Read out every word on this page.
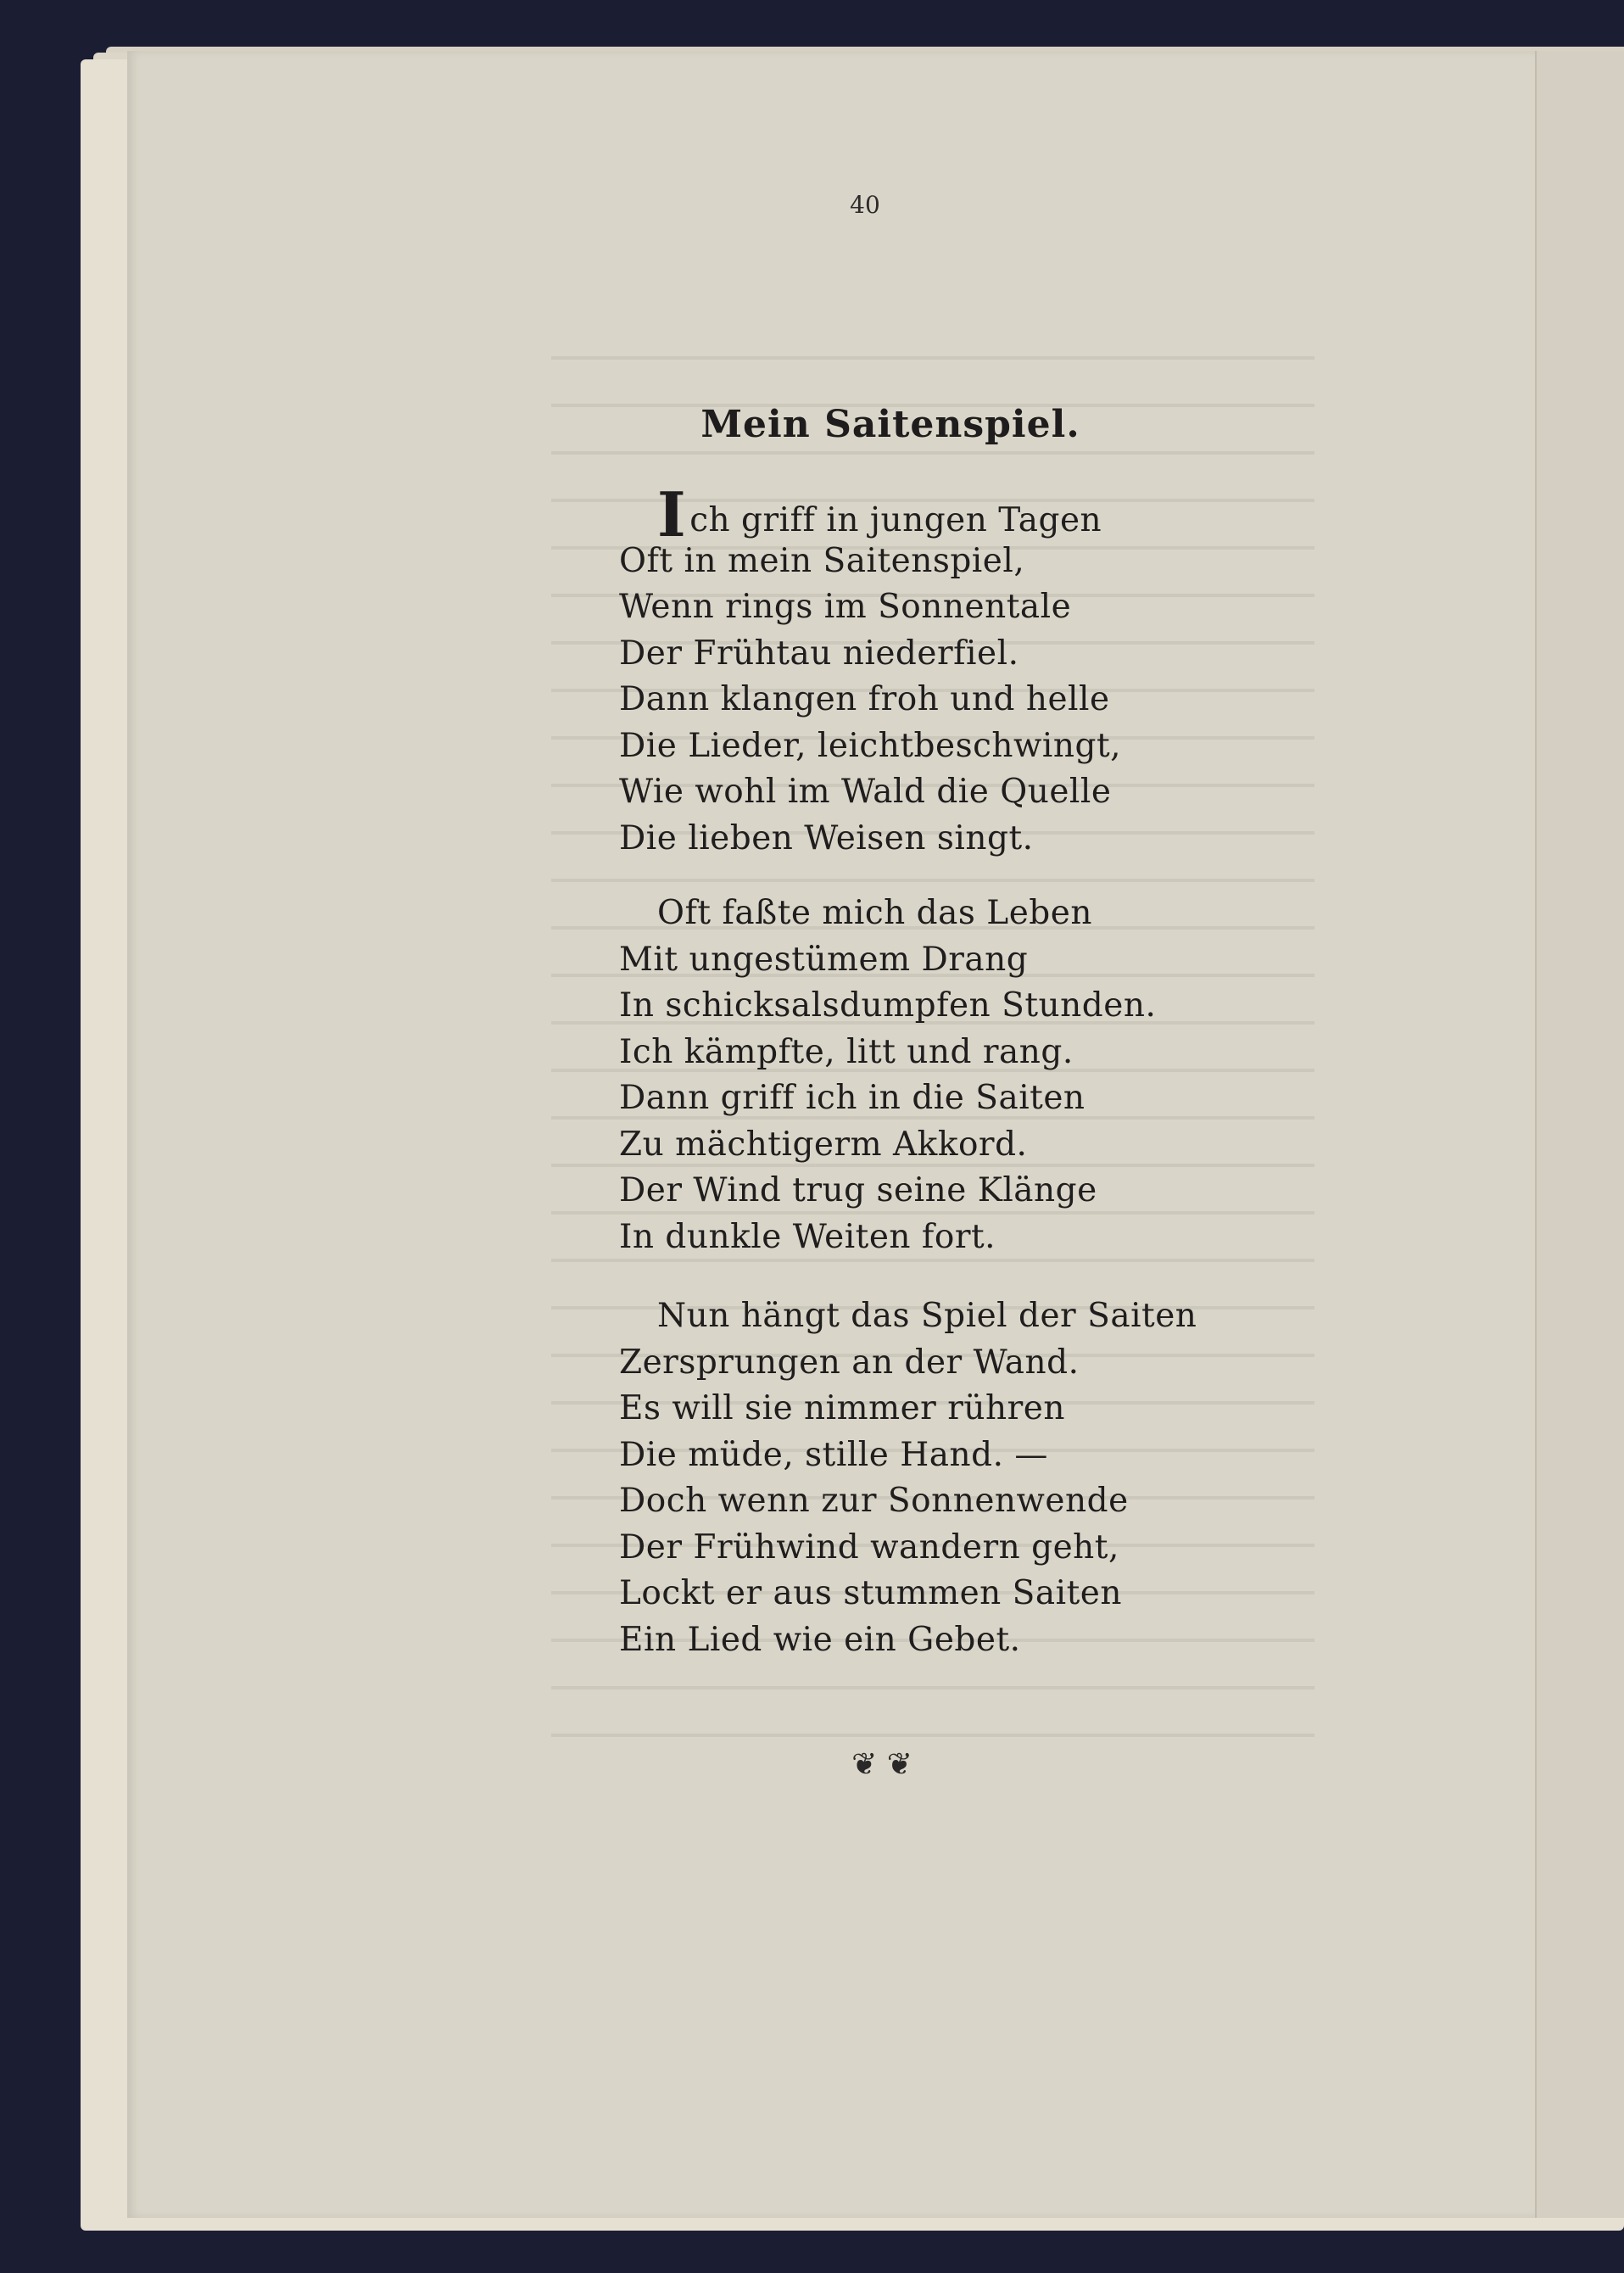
40
Mein Saitenspiel.
Ich griff in jungen Tagen
Oft in mein Saitenspiel,
Wenn rings im Sonnentale
Der Frühtau niederfiel.
Dann klangen froh und helle
Die Lieder, leichtbeschwingt,
Wie wohl im Wald die Quelle
Die lieben Weisen singt.
Oft faßte mich das Leben
Mit ungestümem Drang
In schicksalsdumpfen Stunden.
Ich kämpfte, litt und rang.
Dann griff ich in die Saiten
Zu mächtigerm Akkord.
Der Wind trug seine Klänge
In dunkle Weiten fort.
Nun hängt das Spiel der Saiten
Zersprungen an der Wand.
Es will sie nimmer rühren
Die müde, stille Hand. —
Doch wenn zur Sonnenwende
Der Frühwind wandern geht,
Lockt er aus stummen Saiten
Ein Lied wie ein Gebet.
❦ ❦
